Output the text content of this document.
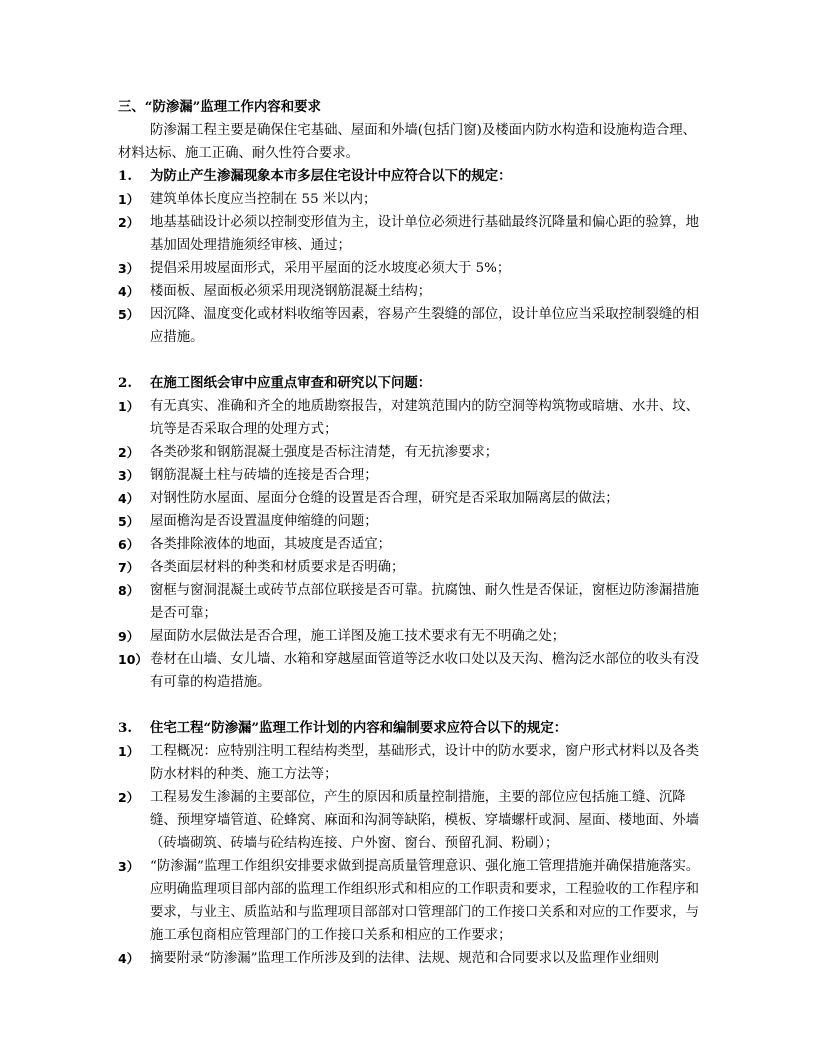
三、“防渗漏”监理工作内容和要求

防渗漏工程主要是确保住宅基础、屋面和外墙(包括门窗)及楼面内防水构造和设施构造合理、材料达标、施工正确、耐久性符合要求。

1.	为防止产生渗漏现象本市多层住宅设计中应符合以下的规定：
1） 建筑单体长度应当控制在 55 米以内；
2） 地基基础设计必须以控制变形值为主，设计单位必须进行基础最终沉降量和偏心距的验算，地基加固处理措施须经审核、通过；
3） 提倡采用坡屋面形式，采用平屋面的泛水坡度必须大于 5%；
4） 楼面板、屋面板必须采用现浇钢筋混凝土结构；
5） 因沉降、温度变化或材料收缩等因素，容易产生裂缝的部位，设计单位应当采取控制裂缝的相应措施。
2.	在施工图纸会审中应重点审查和研究以下问题：
1） 有无真实、准确和齐全的地质勘察报告，对建筑范围内的防空洞等构筑物或暗塘、水井、坟、坑等是否采取合理的处理方式；
2） 各类砂浆和钢筋混凝土强度是否标注清楚，有无抗渗要求；
3） 钢筋混凝土柱与砖墙的连接是否合理；
4） 对钢性防水屋面、屋面分仓缝的设置是否合理，研究是否采取加隔离层的做法；
5） 屋面檐沟是否设置温度伸缩缝的问题；
6） 各类排除液体的地面，其坡度是否适宜；
7） 各类面层材料的种类和材质要求是否明确；
8） 窗框与窗洞混凝土或砖节点部位联接是否可靠。抗腐蚀、耐久性是否保证，窗框边防渗漏措施是否可靠；
9） 屋面防水层做法是否合理，施工详图及施工技术要求有无不明确之处；
10） 卷材在山墙、女儿墙、水箱和穿越屋面管道等泛水收口处以及天沟、檐沟泛水部位的收头有没有可靠的构造措施。
3.	住宅工程“防渗漏”监理工作计划的内容和编制要求应符合以下的规定：
1） 工程概况：应特别注明工程结构类型，基础形式，设计中的防水要求，窗户形式材料以及各类防水材料的种类、施工方法等；
2） 工程易发生渗漏的主要部位，产生的原因和质量控制措施，主要的部位应包括施工缝、沉降缝、预埋穿墙管道、砼蜂窝、麻面和沟洞等缺陷，模板、穿墙螺杆或洞、屋面、楼地面、外墙（砖墙砌筑、砖墙与砼结构连接、户外窗、窗台、预留孔洞、粉刷）；
3） “防渗漏”监理工作组织安排要求做到提高质量管理意识、强化施工管理措施并确保措施落实。应明确监理项目部内部的监理工作组织形式和相应的工作职责和要求，工程验收的工作程序和要求，与业主、质监站和与监理项目部部对口管理部门的工作接口关系和对应的工作要求，与施工承包商相应管理部门的工作接口关系和相应的工作要求；
4） 摘要附录“防渗漏”监理工作所涉及到的法律、法规、规范和合同要求以及监理作业细则
